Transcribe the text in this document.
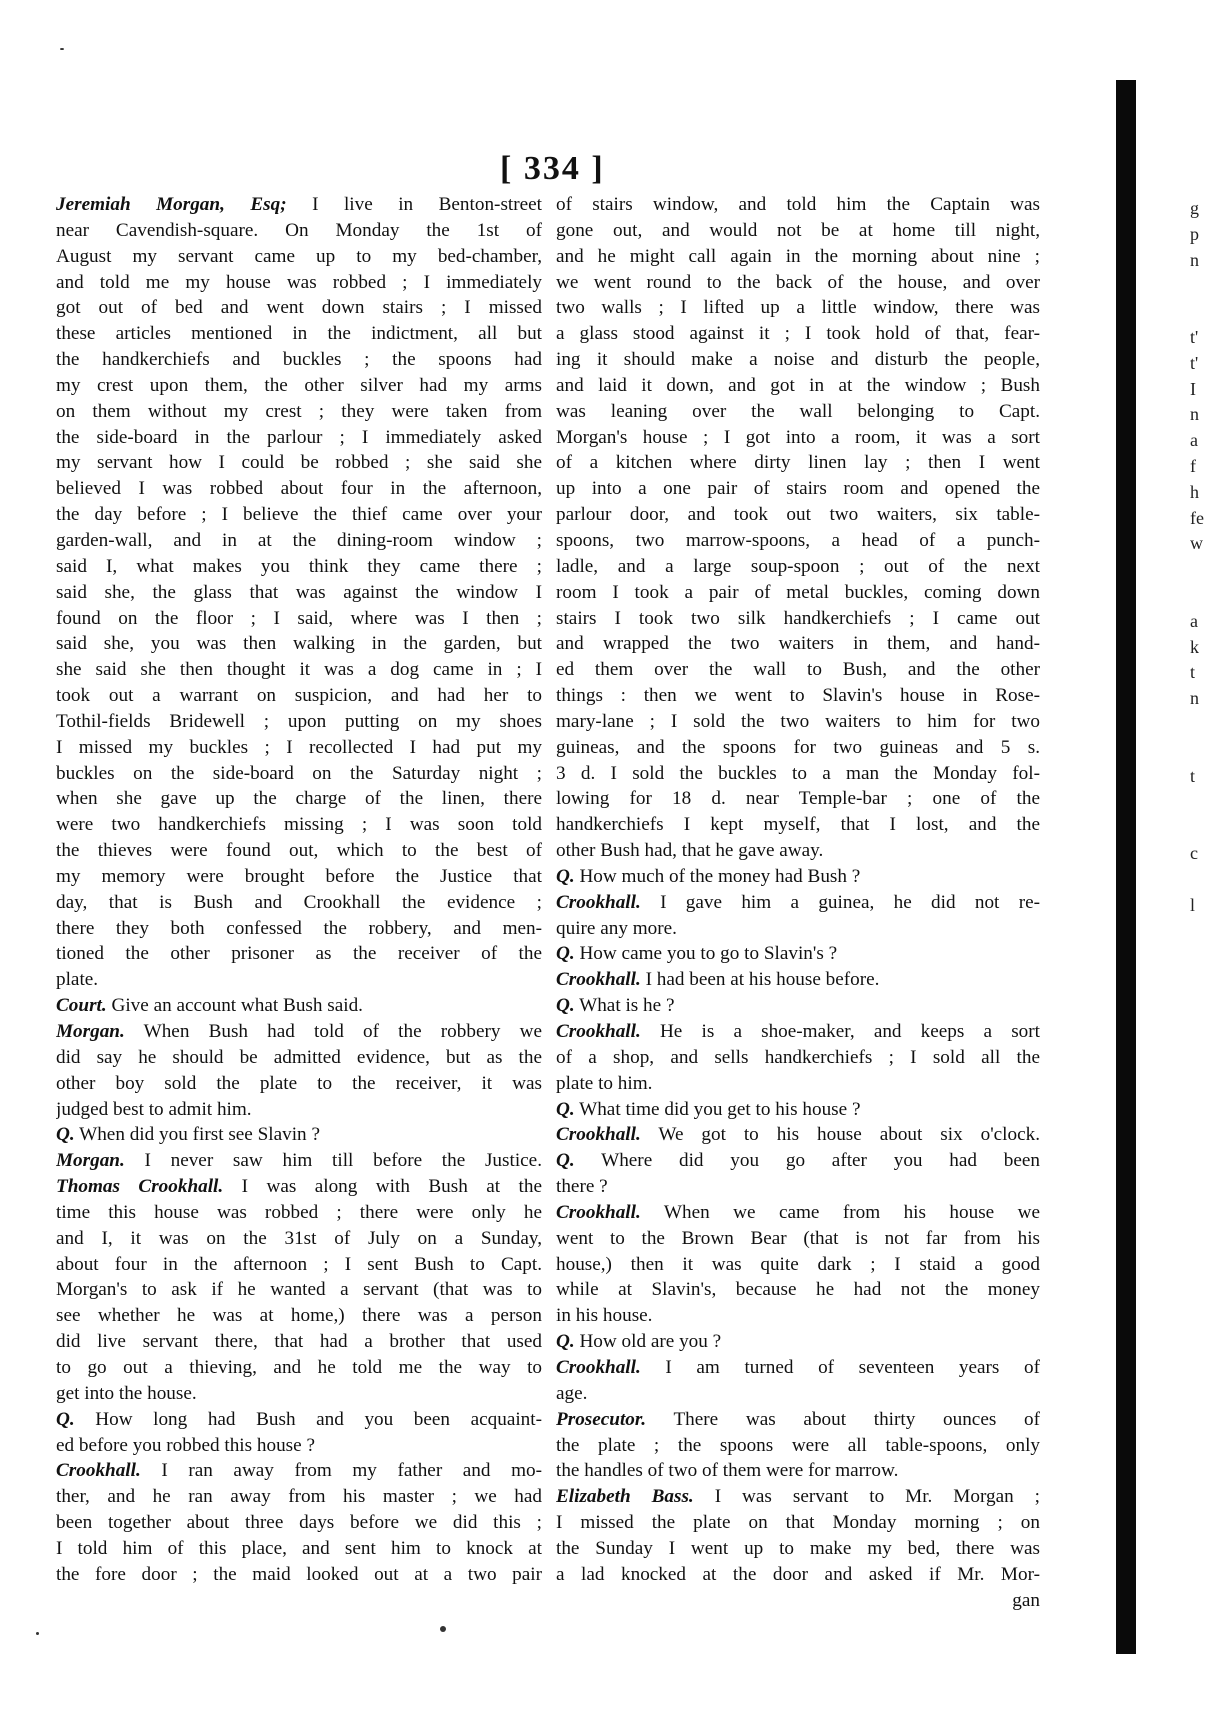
[ 334 ]
Jeremiah Morgan, Esq; I live in Benton-street
near Cavendish-square. On Monday the 1st of
August my servant came up to my bed-chamber,
and told me my house was robbed ; I immediately
got out of bed and went down stairs ; I missed
these articles mentioned in the indictment, all but
the handkerchiefs and buckles ; the spoons had
my crest upon them, the other silver had my arms
on them without my crest ; they were taken from
the side-board in the parlour ; I immediately asked
my servant how I could be robbed ; she said she
believed I was robbed about four in the afternoon,
the day before ; I believe the thief came over your
garden-wall, and in at the dining-room window ;
said I, what makes you think they came there ;
said she, the glass that was against the window I
found on the floor ; I said, where was I then ;
said she, you was then walking in the garden, but
she said she then thought it was a dog came in ; I
took out a warrant on suspicion, and had her to
Tothil-fields Bridewell ; upon putting on my shoes
I missed my buckles ; I recollected I had put my
buckles on the side-board on the Saturday night ;
when she gave up the charge of the linen, there
were two handkerchiefs missing ; I was soon told
the thieves were found out, which to the best of
my memory were brought before the Justice that
day, that is Bush and Crookhall the evidence ;
there they both confessed the robbery, and men-
tioned the other prisoner as the receiver of the
plate.
Court. Give an account what Bush said.
Morgan. When Bush had told of the robbery we
did say he should be admitted evidence, but as the
other boy sold the plate to the receiver, it was
judged best to admit him.
Q. When did you first see Slavin ?
Morgan. I never saw him till before the Justice.
Thomas Crookhall. I was along with Bush at the
time this house was robbed ; there were only he
and I, it was on the 31st of July on a Sunday,
about four in the afternoon ; I sent Bush to Capt.
Morgan's to ask if he wanted a servant (that was to
see whether he was at home,) there was a person
did live servant there, that had a brother that used
to go out a thieving, and he told me the way to
get into the house.
Q. How long had Bush and you been acquaint-
ed before you robbed this house ?
Crookhall. I ran away from my father and mo-
ther, and he ran away from his master ; we had
been together about three days before we did this ;
I told him of this place, and sent him to knock at
the fore door ; the maid looked out at a two pair
of stairs window, and told him the Captain was
gone out, and would not be at home till night,
and he might call again in the morning about nine ;
we went round to the back of the house, and over
two walls ; I lifted up a little window, there was
a glass stood against it ; I took hold of that, fear-
ing it should make a noise and disturb the people,
and laid it down, and got in at the window ; Bush
was leaning over the wall belonging to Capt.
Morgan's house ; I got into a room, it was a sort
of a kitchen where dirty linen lay ; then I went
up into a one pair of stairs room and opened the
parlour door, and took out two waiters, six table-
spoons, two marrow-spoons, a head of a punch-
ladle, and a large soup-spoon ; out of the next
room I took a pair of metal buckles, coming down
stairs I took two silk handkerchiefs ; I came out
and wrapped the two waiters in them, and hand-
ed them over the wall to Bush, and the other
things : then we went to Slavin's house in Rose-
mary-lane ; I sold the two waiters to him for two
guineas, and the spoons for two guineas and 5 s.
3 d. I sold the buckles to a man the Monday fol-
lowing for 18 d. near Temple-bar ; one of the
handkerchiefs I kept myself, that I lost, and the
other Bush had, that he gave away.
Q. How much of the money had Bush ?
Crookhall. I gave him a guinea, he did not re-
quire any more.
Q. How came you to go to Slavin's ?
Crookhall. I had been at his house before.
Q. What is he ?
Crookhall. He is a shoe-maker, and keeps a sort
of a shop, and sells handkerchiefs ; I sold all the
plate to him.
Q. What time did you get to his house ?
Crookhall. We got to his house about six o'clock.
Q. Where did you go after you had been
there ?
Crookhall. When we came from his house we
went to the Brown Bear (that is not far from his
house,) then it was quite dark ; I staid a good
while at Slavin's, because he had not the money
in his house.
Q. How old are you ?
Crookhall. I am turned of seventeen years of
age.
Prosecutor. There was about thirty ounces of
the plate ; the spoons were all table-spoons, only
the handles of two of them were for marrow.
Elizabeth Bass. I was servant to Mr. Morgan ;
I missed the plate on that Monday morning ; on
the Sunday I went up to make my bed, there was
a lad knocked at the door and asked if Mr. Mor-
gan
g
p
n
t'
t'
I
n
a
f
h
fe
w
a
k
t
n
t
c
l
